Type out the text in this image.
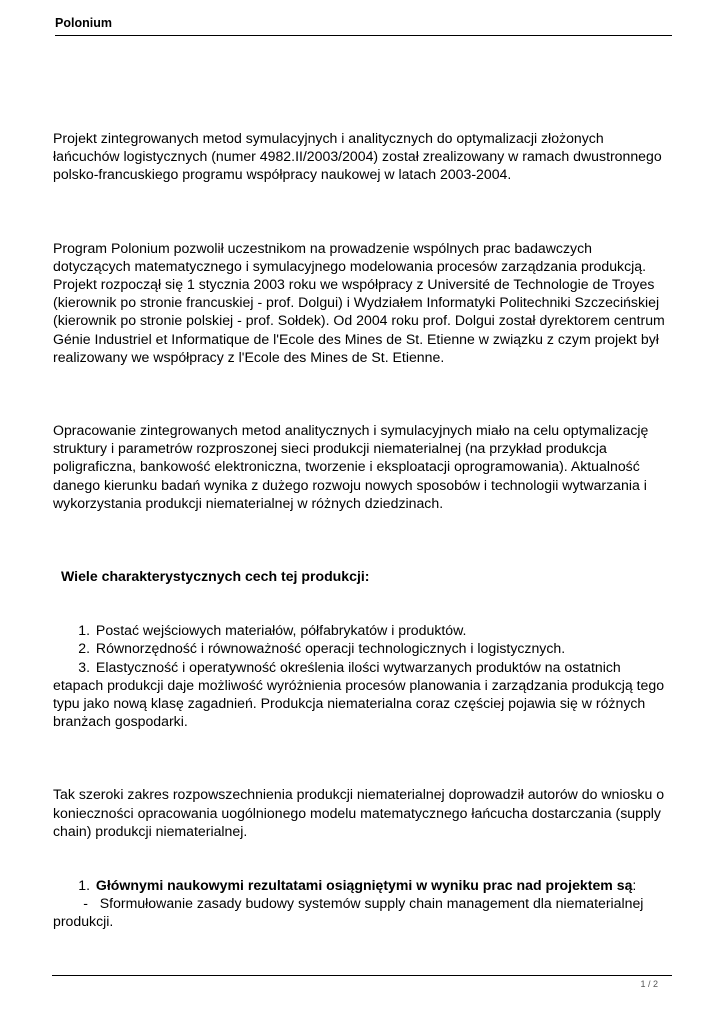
Polonium

Projekt zintegrowanych metod symulacyjnych i analitycznych do optymalizacji złożonych łańcuchów logistycznych (numer 4982.II/2003/2004) został zrealizowany w ramach dwustronnego polsko-francuskiego programu współpracy naukowej w latach 2003-2004.

Program Polonium pozwolił uczestnikom na prowadzenie wspólnych prac badawczych dotyczących matematycznego i symulacyjnego modelowania procesów zarządzania produkcją. Projekt rozpoczął się 1 stycznia 2003 roku we współpracy z Université de Technologie de Troyes (kierownik po stronie francuskiej - prof. Dolgui) i Wydziałem Informatyki Politechniki Szczecińskiej (kierownik po stronie polskiej - prof. Sołdek). Od 2004 roku prof. Dolgui został dyrektorem centrum Génie Industriel et Informatique de l'Ecole des Mines de St. Etienne w związku z czym projekt był realizowany we współpracy z l'Ecole des Mines de St. Etienne.

Opracowanie zintegrowanych metod analitycznych i symulacyjnych miało na celu optymalizację struktury i parametrów rozproszonej sieci produkcji niematerialnej (na przykład produkcja poligraficzna, bankowość elektroniczna, tworzenie i eksploatacji oprogramowania). Aktualność danego kierunku badań wynika z dużego rozwoju nowych sposobów i technologii wytwarzania i wykorzystania produkcji niematerialnej w różnych dziedzinach.

Wiele charakterystycznych cech tej produkcji:

1. Postać wejściowych materiałów, półfabrykatów i produktów.
2. Równorzędność i równoważność operacji technologicznych i logistycznych.
3. Elastyczność i operatywność określenia ilości wytwarzanych produktów na ostatnich etapach produkcji daje możliwość wyróżnienia procesów planowania i zarządzania produkcją tego typu jako nową klasę zagadnień. Produkcja niematerialna coraz częściej pojawia się w różnych branżach gospodarki.

Tak szeroki zakres rozpowszechnienia produkcji niematerialnej doprowadził autorów do wniosku o konieczności opracowania uogólnionego modelu matematycznego łańcucha dostarczania (supply chain) produkcji niematerialnej.

1. Głównymi naukowymi rezultatami osiągniętymi w wyniku prac nad projektem są:
- Sformułowanie zasady budowy systemów supply chain management dla niematerialnej produkcji.
1 / 2
